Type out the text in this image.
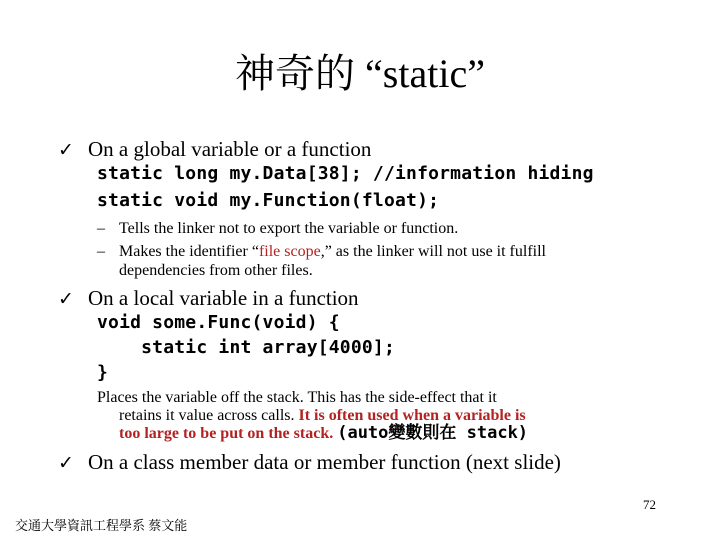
神奇的 “static”
✓ On a global variable or a function
static long my.Data[38]; //information hiding
static void my.Function(float);
– Tells the linker not to export the variable or function.
– Makes the identifier “file scope,” as the linker will not use it fulfill
dependencies from other files.
✓ On a local variable in a function
void some.Func(void) {
static int array[4000];
}
Places the variable off the stack. This has the side-effect that it
retains it value across calls. It is often used when a variable is
too large to be put on the stack. (auto變數則在 stack)
✓ On a class member data or member function (next slide)
72
交通大學資訊工程學系 蔡文能
